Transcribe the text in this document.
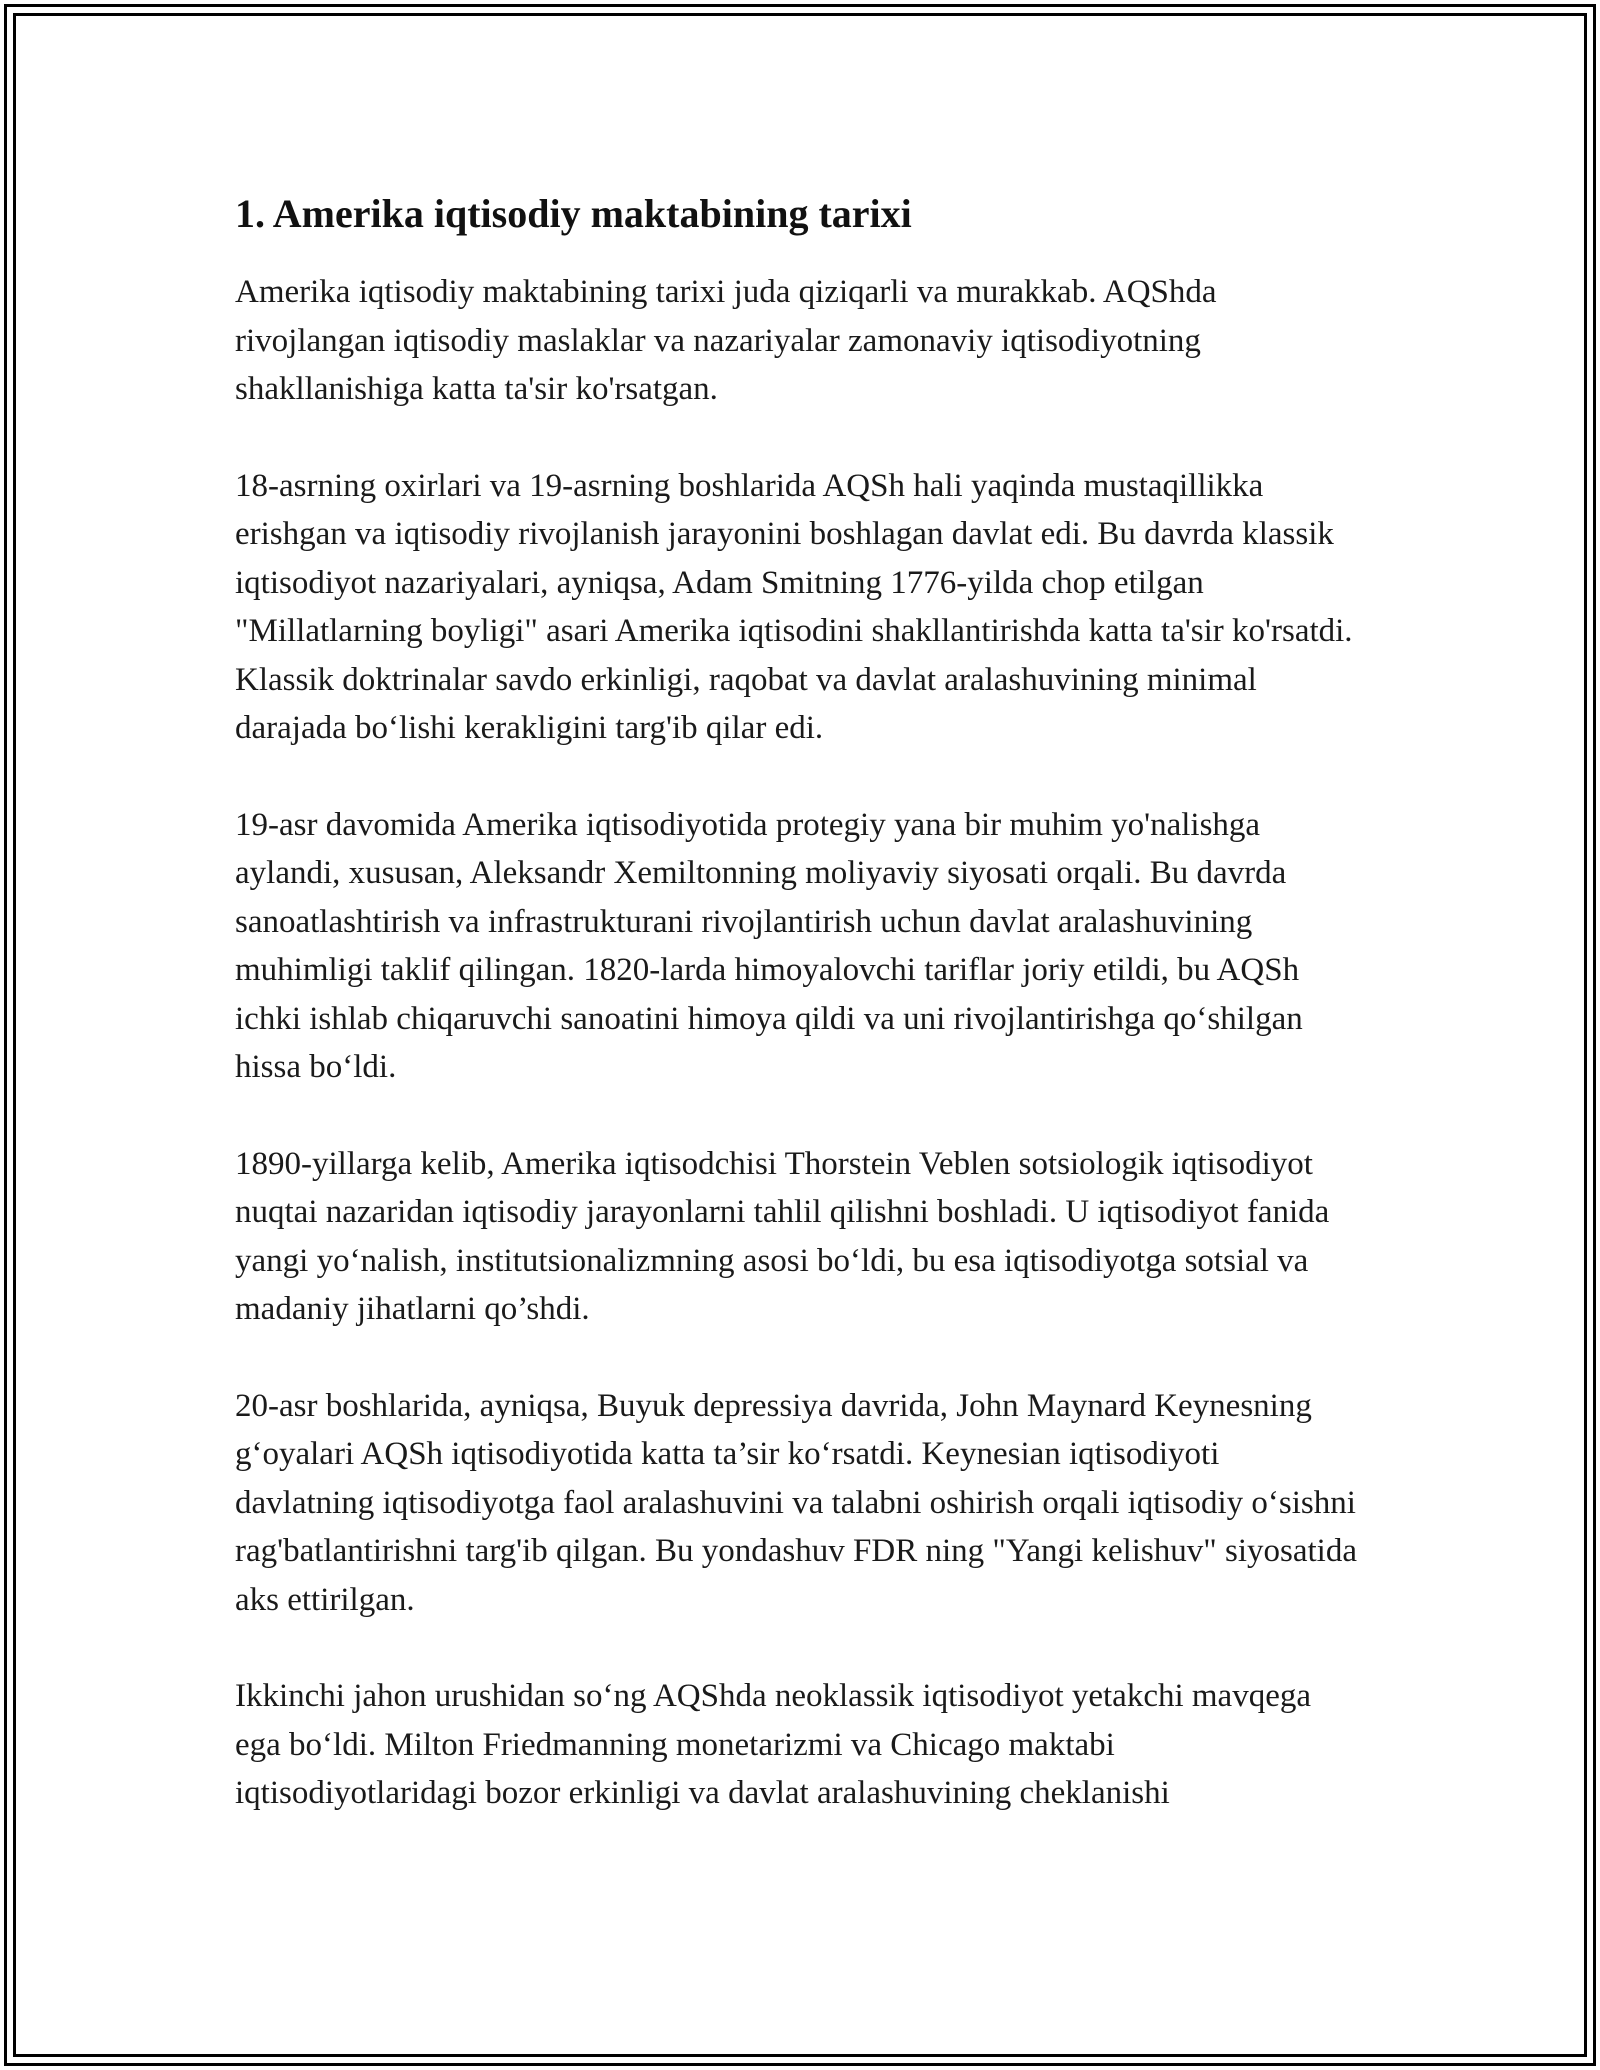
1. Amerika iqtisodiy maktabining tarixi

Amerika iqtisodiy maktabining tarixi juda qiziqarli va murakkab. AQShda rivojlangan iqtisodiy maslaklar va nazariyalar zamonaviy iqtisodiyotning shakllanishiga katta ta'sir ko'rsatgan.

18-asrning oxirlari va 19-asrning boshlarida AQSh hali yaqinda mustaqillikka erishgan va iqtisodiy rivojlanish jarayonini boshlagan davlat edi. Bu davrda klassik iqtisodiyot nazariyalari, ayniqsa, Adam Smitning 1776-yilda chop etilgan "Millatlarning boyligi" asari Amerika iqtisodini shakllantirishda katta ta'sir ko'rsatdi. Klassik doktrinalar savdo erkinligi, raqobat va davlat aralashuvining minimal darajada boʻlishi kerakligini targ'ib qilar edi.

19-asr davomida Amerika iqtisodiyotida protegiy yana bir muhim yo'nalishga aylandi, xususan, Aleksandr Xemiltonning moliyaviy siyosati orqali. Bu davrda sanoatlashtirish va infrastrukturani rivojlantirish uchun davlat aralashuvining muhimligi taklif qilingan. 1820-larda himoyalovchi tariflar joriy etildi, bu AQSh ichki ishlab chiqaruvchi sanoatini himoya qildi va uni rivojlantirishga qoʻshilgan hissa boʻldi.

1890-yillarga kelib, Amerika iqtisodchisi Thorstein Veblen sotsiologik iqtisodiyot nuqtai nazaridan iqtisodiy jarayonlarni tahlil qilishni boshladi. U iqtisodiyot fanida yangi yoʻnalish, institutsionalizmning asosi boʻldi, bu esa iqtisodiyotga sotsial va madaniy jihatlarni qo’shdi.

20-asr boshlarida, ayniqsa, Buyuk depressiya davrida, John Maynard Keynesning gʻoyalari AQSh iqtisodiyotida katta ta’sir koʻrsatdi. Keynesian iqtisodiyoti davlatning iqtisodiyotga faol aralashuvini va talabni oshirish orqali iqtisodiy oʻsishni rag'batlantirishni targ'ib qilgan. Bu yondashuv FDR ning "Yangi kelishuv" siyosatida aks ettirilgan.

Ikkinchi jahon urushidan soʻng AQShda neoklassik iqtisodiyot yetakchi mavqega ega boʻldi. Milton Friedmanning monetarizmi va Chicago maktabi iqtisodiyotlaridagi bozor erkinligi va davlat aralashuvining cheklanishi
